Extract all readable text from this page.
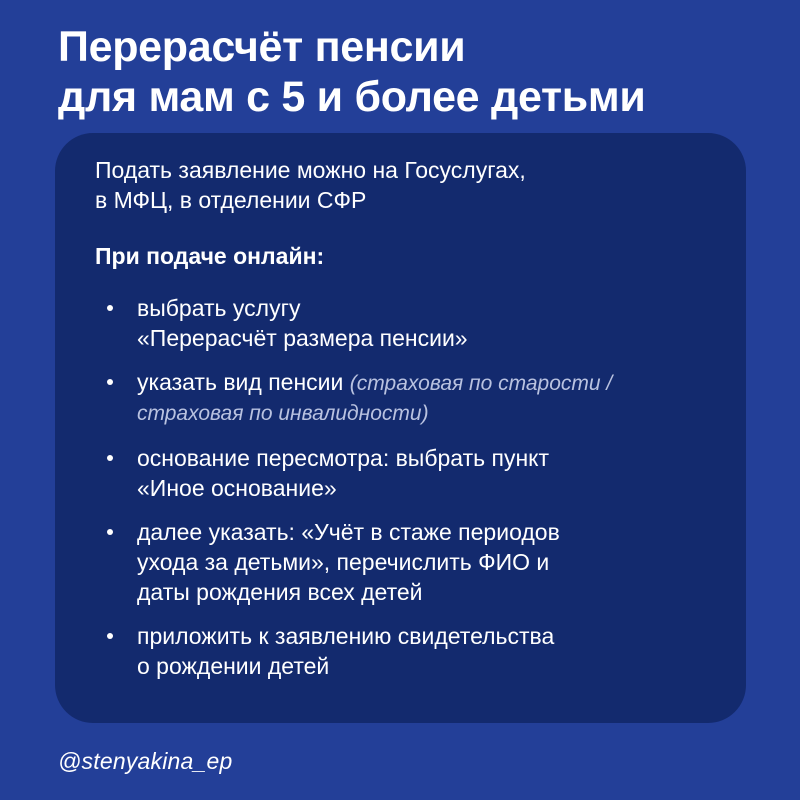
Перерасчёт пенсии
для мам с 5 и более детьми
Подать заявление можно на Госуслугах,
в МФЦ, в отделении СФР
При подаче онлайн:
выбрать услугу
«Перерасчёт размера пенсии»
указать вид пенсии (страховая по старости /
страховая по инвалидности)
основание пересмотра: выбрать пункт
«Иное основание»
далее указать: «Учёт в стаже периодов
ухода за детьми», перечислить ФИО и
даты рождения всех детей
приложить к заявлению свидетельства
о рождении детей
@stenyakina_ep
